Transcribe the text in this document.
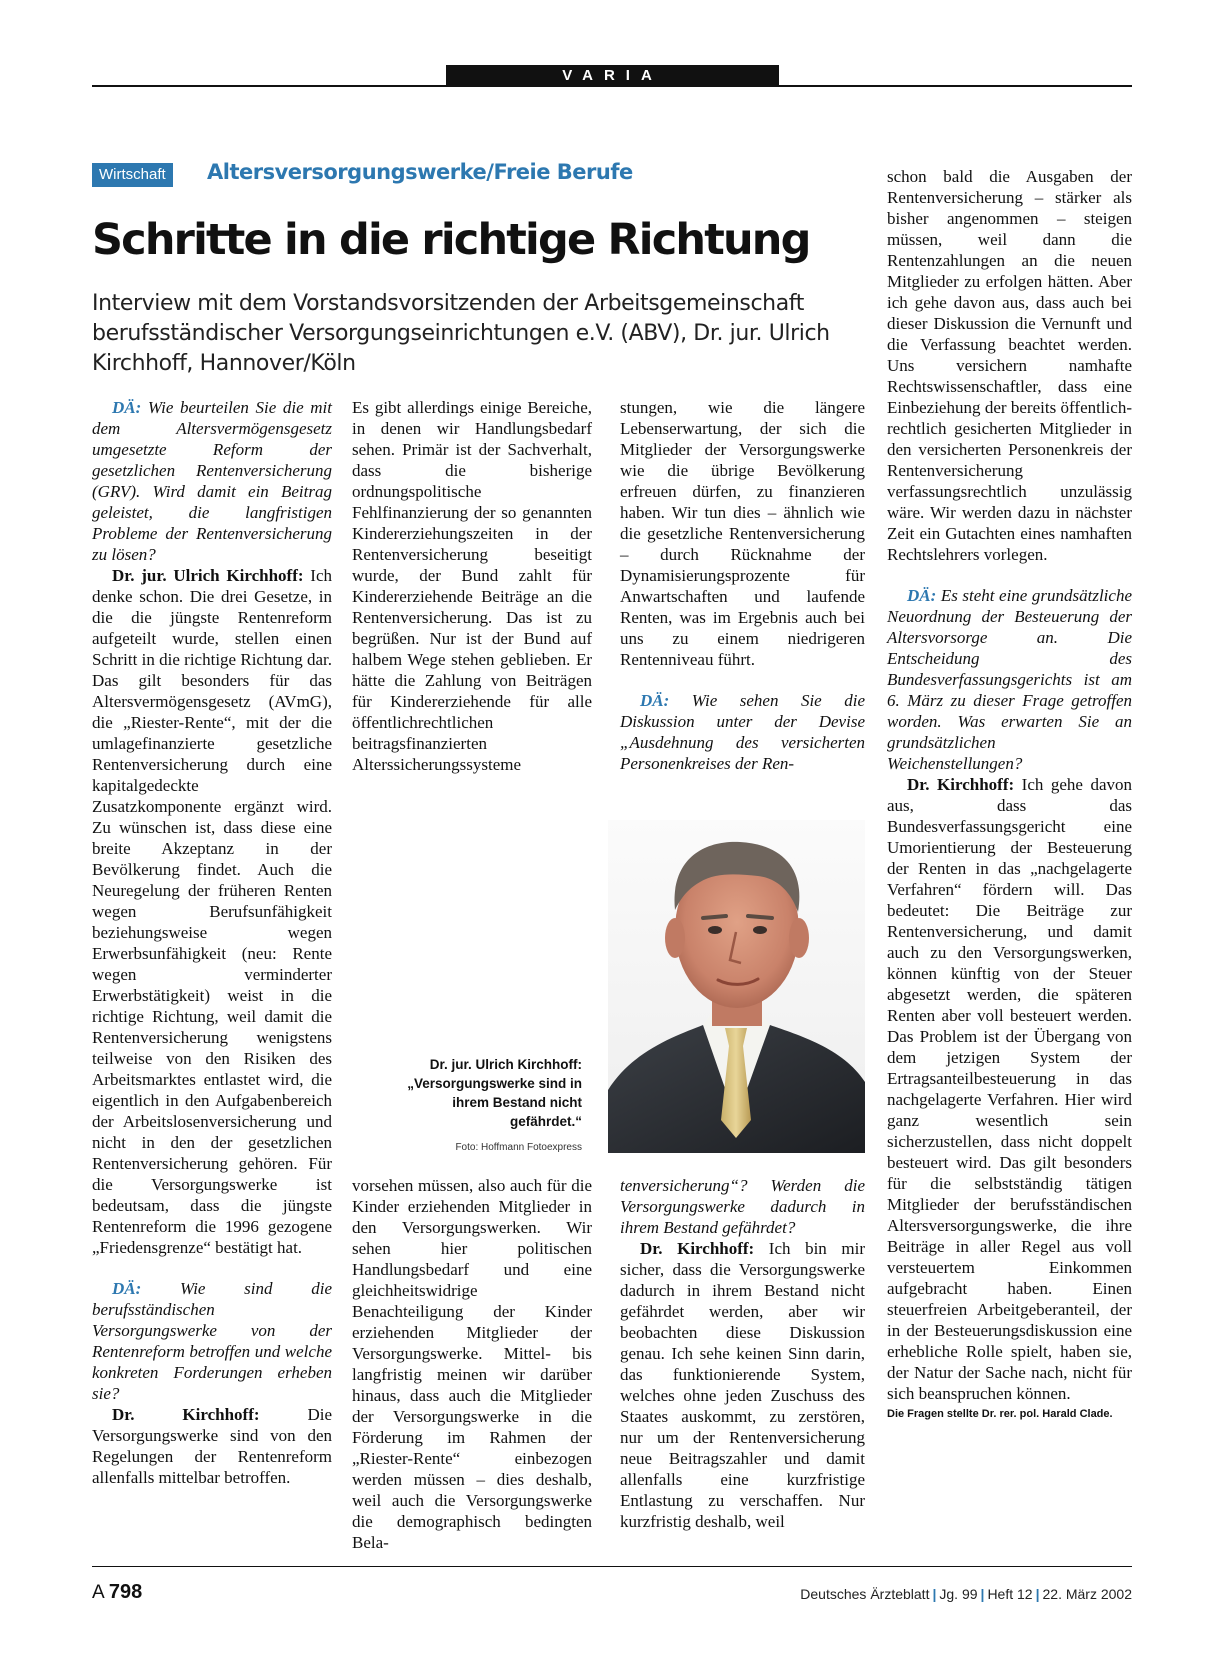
VARIA
Wirtschaft	Altersversorgungswerke/Freie Berufe
Schritte in die richtige Richtung
Interview mit dem Vorstandsvorsitzenden der Arbeitsgemeinschaft berufsständischer Versorgungseinrichtungen e.V. (ABV), Dr. jur. Ulrich Kirchhoff, Hannover/Köln

DÄ: Wie beurteilen Sie die mit dem Altersvermögensgesetz umgesetzte Reform der gesetzlichen Rentenversicherung (GRV). Wird damit ein Beitrag geleistet, die langfristigen Probleme der Rentenversicherung zu lösen?

Dr. jur. Ulrich Kirchhoff: Ich denke schon. Die drei Gesetze, in die die jüngste Rentenreform aufgeteilt wurde, stellen einen Schritt in die richtige Richtung dar. Das gilt besonders für das Altersvermögensgesetz (AVmG), die „Riester-Rente“, mit der die umlagefinanzierte gesetzliche Rentenversicherung durch eine kapitalgedeckte Zusatzkomponente ergänzt wird. Zu wünschen ist, dass diese eine breite Akzeptanz in der Bevölkerung findet. Auch die Neuregelung der früheren Renten wegen Berufsunfähigkeit beziehungsweise wegen Erwerbsunfähigkeit (neu: Rente wegen verminderter Erwerbstätigkeit) weist in die richtige Richtung, weil damit die Rentenversicherung wenigstens teilweise von den Risiken des Arbeitsmarktes entlastet wird, die eigentlich in den Aufgabenbereich der Arbeitslosenversicherung und nicht in den der gesetzlichen Rentenversicherung gehören. Für die Versorgungswerke ist bedeutsam, dass die jüngste Rentenreform die 1996 gezogene „Friedensgrenze“ bestätigt hat.

DÄ: Wie sind die berufsständischen Versorgungswerke von der Rentenreform betroffen und welche konkreten Forderungen erheben sie?

Dr. Kirchhoff:	Die Versorgungswerke sind von den Regelungen der Rentenreform allenfalls mittelbar betroffen.

Es gibt allerdings einige Bereiche, in denen wir Handlungsbedarf sehen. Primär ist der Sachverhalt, dass die bisherige ordnungspolitische Fehlfinanzierung der so genannten Kindererziehungszeiten in der Rentenversicherung beseitigt wurde, der Bund zahlt für Kindererziehende Beiträge an die Rentenversicherung. Das ist zu begrüßen. Nur ist der Bund auf halbem Wege stehen geblieben. Er hätte die Zahlung von Beiträgen für Kindererziehende für alle öffentlichrechtlichen beitragsfinanzierten Alterssicherungssysteme

vorsehen müssen, also auch für die Kinder erziehenden Mitglieder in den Versorgungswerken. Wir sehen hier politischen Handlungsbedarf und eine gleichheitswidrige Benachteiligung der Kinder erziehenden Mitglieder der Versorgungswerke. Mittel- bis langfristig meinen wir darüber hinaus, dass auch die Mitglieder der Versorgungswerke in die Förderung im Rahmen der „Riester-Rente“ einbezogen werden müssen – dies deshalb, weil auch die Versorgungswerke die demographisch bedingten Bela-

stungen, wie die längere Lebenserwartung, der sich die Mitglieder der Versorgungswerke wie die übrige Bevölkerung erfreuen dürfen, zu finanzieren haben. Wir tun dies – ähnlich wie die gesetzliche Rentenversicherung – durch Rücknahme der Dynamisierungsprozente für Anwartschaften und laufende Renten, was im Ergebnis auch bei uns zu einem niedrigeren Rentenniveau führt.

DÄ: Wie sehen Sie die Diskussion unter der Devise „Ausdehnung des versicherten Personenkreises der Ren-

tenversicherung“? Werden die Versorgungswerke dadurch in ihrem Bestand gefährdet?

Dr. Kirchhoff: Ich bin mir sicher, dass die Versorgungswerke dadurch in ihrem Bestand nicht gefährdet werden, aber wir beobachten diese Diskussion genau. Ich sehe keinen Sinn darin, das funktionierende System, welches ohne jeden Zuschuss des Staates auskommt, zu zerstören, nur um der Rentenversicherung neue Beitragszahler und damit allenfalls eine kurzfristige Entlastung zu verschaffen. Nur kurzfristig deshalb, weil

schon bald die Ausgaben der Rentenversicherung – stärker als bisher angenommen – steigen müssen, weil dann die Rentenzahlungen an die neuen Mitglieder zu erfolgen hätten. Aber ich gehe davon aus, dass auch bei dieser Diskussion die Vernunft und die Verfassung beachtet werden. Uns versichern namhafte Rechtswissenschaftler, dass eine Einbeziehung der bereits öffentlich-rechtlich gesicherten Mitglieder in den versicherten Personenkreis der Rentenversicherung verfassungsrechtlich unzulässig wäre. Wir werden dazu in nächster Zeit ein Gutachten eines namhaften Rechtslehrers vorlegen.

DÄ: Es steht eine grundsätzliche Neuordnung der Besteuerung der Altersvorsorge an. Die Entscheidung des Bundesverfassungsgerichts ist am 6. März zu dieser Frage getroffen worden. Was erwarten Sie an grundsätzlichen Weichenstellungen?

Dr. Kirchhoff: Ich gehe davon aus, dass das Bundesverfassungsgericht eine Umorientierung der Besteuerung der Renten in das „nachgelagerte Verfahren“ fördern will. Das bedeutet: Die Beiträge zur Rentenversicherung, und damit auch zu den Versorgungswerken, können künftig von der Steuer abgesetzt werden, die späteren Renten aber voll besteuert werden. Das Problem ist der Übergang von dem jetzigen System der Ertragsanteilbesteuerung in das nachgelagerte Verfahren. Hier wird ganz wesentlich sein sicherzustellen, dass nicht doppelt besteuert wird. Das gilt besonders für die selbstständig tätigen Mitglieder der berufsständischen Altersversorgungswerke, die ihre Beiträge in aller Regel aus voll versteuertem Einkommen aufgebracht haben. Einen steuerfreien Arbeitgeberanteil, der in der Besteuerungsdiskussion eine erhebliche Rolle spielt, haben sie, der Natur der Sache nach, nicht für sich beanspruchen können.

Die Fragen stellte Dr. rer. pol. Harald Clade.

Dr. jur. Ulrich Kirchhoff:
„Versorgungswerke sind in ihrem Bestand nicht gefährdet.“
Foto: Hoffmann Fotoexpress
A 798	Deutsches Ärzteblatt | Jg. 99 | Heft 12 | 22. März 2002
